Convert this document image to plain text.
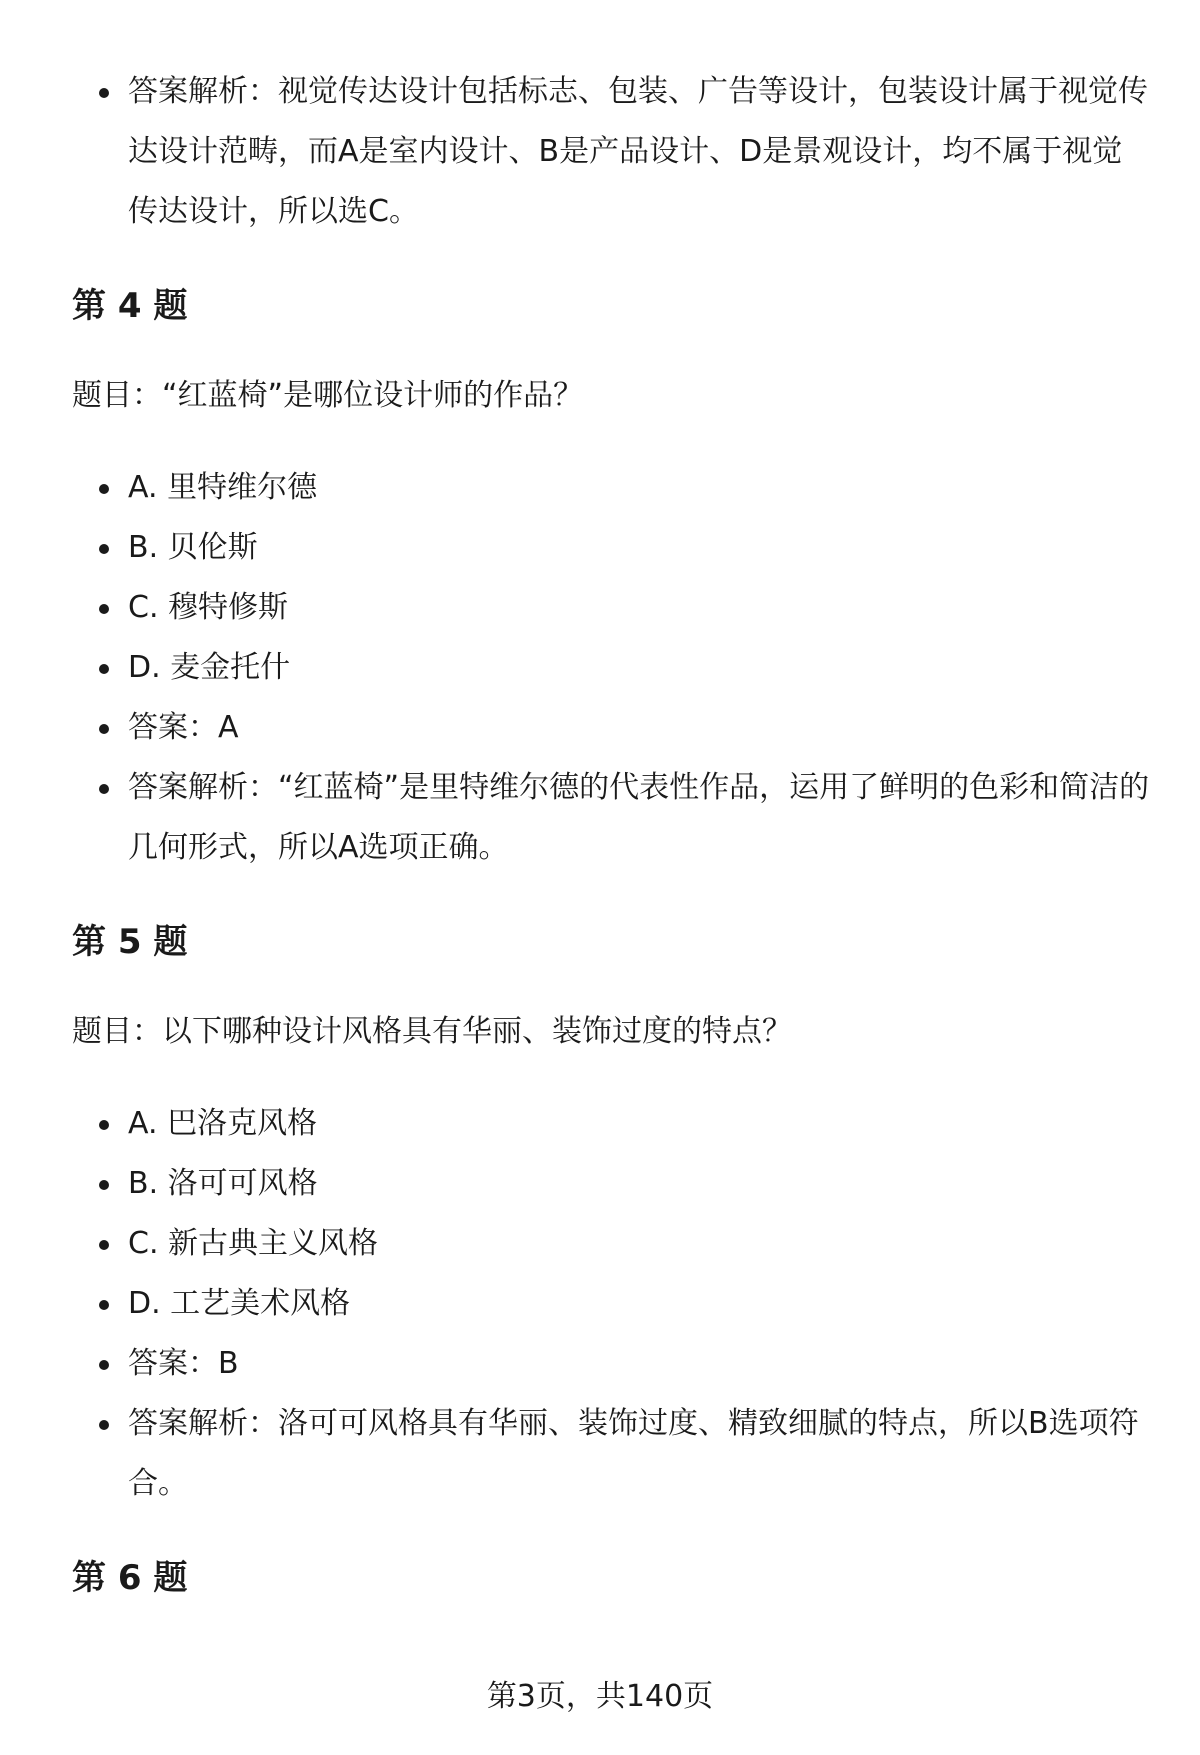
答案解析：视觉传达设计包括标志、包装、广告等设计，包装设计属于视觉传达设计范畴，而A是室内设计、B是产品设计、D是景观设计，均不属于视觉传达设计，所以选C。
第 4 题

题目：“红蓝椅”是哪位设计师的作品？

A. 里特维尔德
B. 贝伦斯
C. 穆特修斯
D. 麦金托什
答案：A
答案解析：“红蓝椅”是里特维尔德的代表性作品，运用了鲜明的色彩和简洁的几何形式，所以A选项正确。
第 5 题

题目：以下哪种设计风格具有华丽、装饰过度的特点？

A. 巴洛克风格
B. 洛可可风格
C. 新古典主义风格
D. 工艺美术风格
答案：B
答案解析：洛可可风格具有华丽、装饰过度、精致细腻的特点，所以B选项符合。
第 6 题
第3页，共140页
